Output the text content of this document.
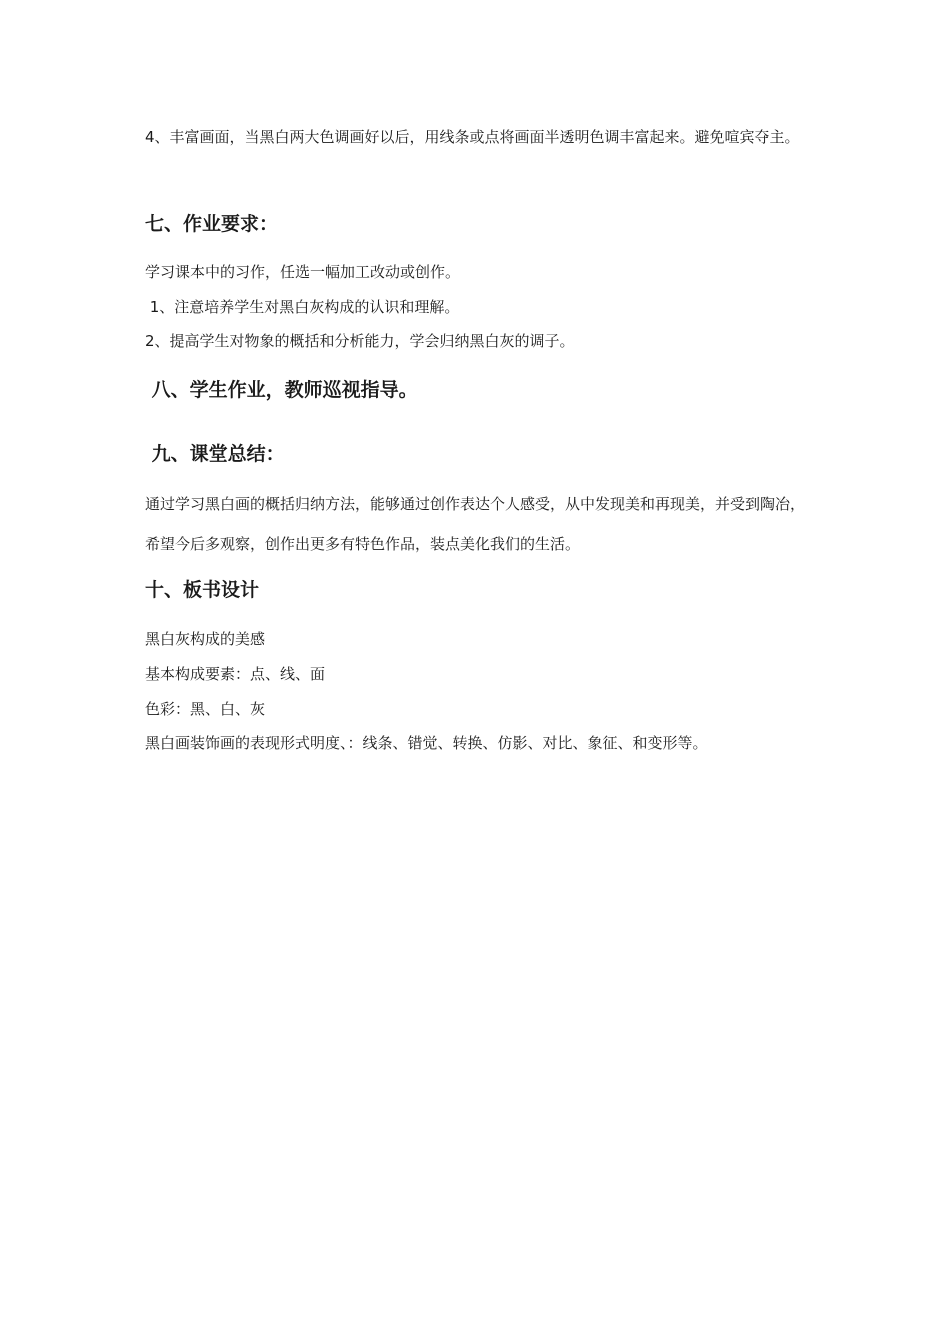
4、丰富画面，当黑白两大色调画好以后，用线条或点将画面半透明色调丰富起来。避免喧宾夺主。

七、作业要求：

学习课本中的习作，任选一幅加工改动或创作。

1、注意培养学生对黑白灰构成的认识和理解。

2、提高学生对物象的概括和分析能力，学会归纳黑白灰的调子。

八、学生作业，教师巡视指导。
九、课堂总结：

通过学习黑白画的概括归纳方法，能够通过创作表达个人感受，从中发现美和再现美，并受到陶冶，希望今后多观察，创作出更多有特色作品，装点美化我们的生活。

十、板书设计

黑白灰构成的美感

基本构成要素：点、线、面

色彩：黑、白、灰

黑白画装饰画的表现形式明度、：线条、错觉、转换、仿影、对比、象征、和变形等。
